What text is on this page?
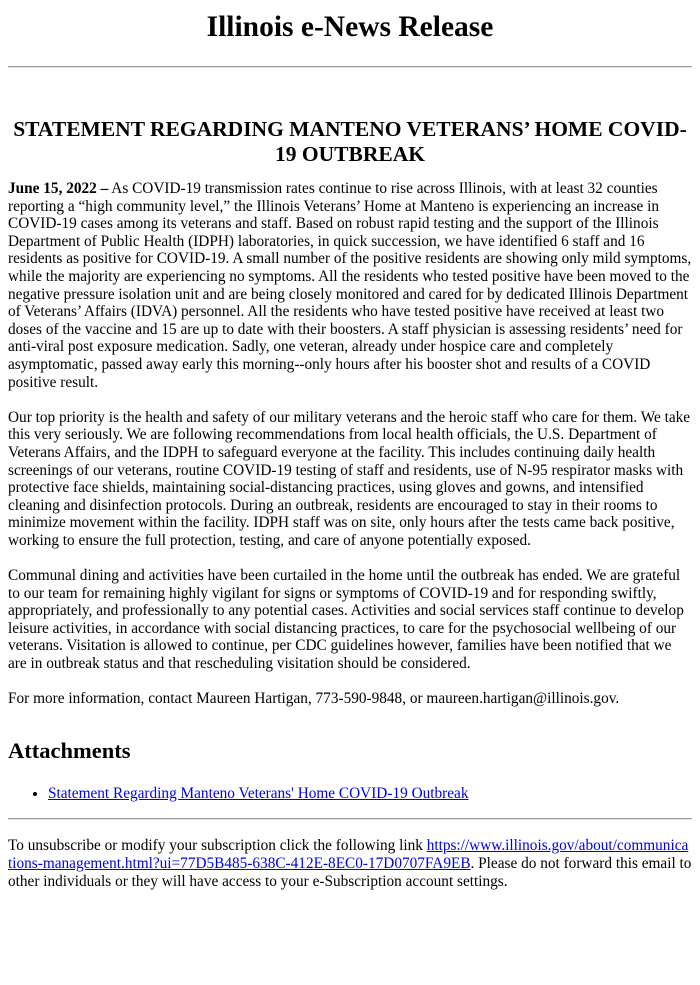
Illinois e-News Release
STATEMENT REGARDING MANTENO VETERANS’ HOME COVID-19 OUTBREAK

June 15, 2022 – As COVID-19 transmission rates continue to rise across Illinois, with at least 32 counties reporting a “high community level,” the Illinois Veterans’ Home at Manteno is experiencing an increase in COVID-19 cases among its veterans and staff. Based on robust rapid testing and the support of the Illinois Department of Public Health (IDPH) laboratories, in quick succession, we have identified 6 staff and 16 residents as positive for COVID-19. A small number of the positive residents are showing only mild symptoms, while the majority are experiencing no symptoms. All the residents who tested positive have been moved to the negative pressure isolation unit and are being closely monitored and cared for by dedicated Illinois Department of Veterans’ Affairs (IDVA) personnel. All the residents who have tested positive have received at least two doses of the vaccine and 15 are up to date with their boosters. A staff physician is assessing residents’ need for anti-viral post exposure medication. Sadly, one veteran, already under hospice care and completely asymptomatic, passed away early this morning--only hours after his booster shot and results of a COVID positive result.

Our top priority is the health and safety of our military veterans and the heroic staff who care for them. We take this very seriously. We are following recommendations from local health officials, the U.S. Department of Veterans Affairs, and the IDPH to safeguard everyone at the facility. This includes continuing daily health screenings of our veterans, routine COVID-19 testing of staff and residents, use of N-95 respirator masks with protective face shields, maintaining social-distancing practices, using gloves and gowns, and intensified cleaning and disinfection protocols. During an outbreak, residents are encouraged to stay in their rooms to minimize movement within the facility. IDPH staff was on site, only hours after the tests came back positive, working to ensure the full protection, testing, and care of anyone potentially exposed.

Communal dining and activities have been curtailed in the home until the outbreak has ended. We are grateful to our team for remaining highly vigilant for signs or symptoms of COVID-19 and for responding swiftly, appropriately, and professionally to any potential cases. Activities and social services staff continue to develop leisure activities, in accordance with social distancing practices, to care for the psychosocial wellbeing of our veterans. Visitation is allowed to continue, per CDC guidelines however, families have been notified that we are in outbreak status and that rescheduling visitation should be considered.

For more information, contact Maureen Hartigan, 773-590-9848, or maureen.hartigan@illinois.gov.

Attachments
• Statement Regarding Manteno Veterans' Home COVID-19 Outbreak

To unsubscribe or modify your subscription click the following link https://www.illinois.gov/about/communications-management.html?ui=77D5B485-638C-412E-8EC0-17D0707FA9EB. Please do not forward this email to other individuals or they will have access to your e-Subscription account settings.
